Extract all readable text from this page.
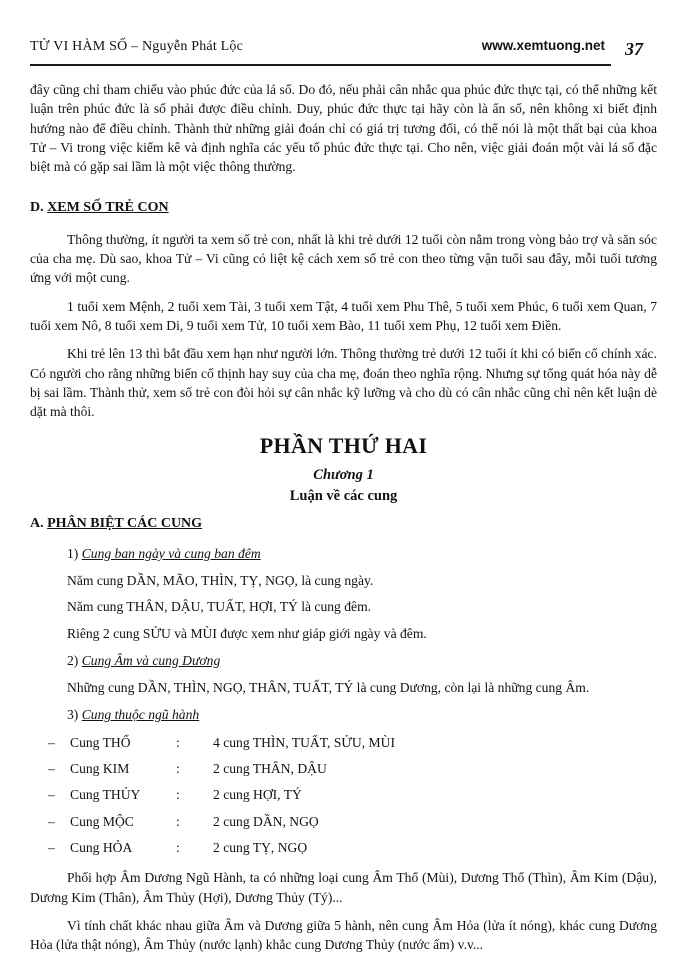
TỬ VI HÀM SỐ – Nguyễn Phát Lộc	www.xemtuong.net	37

đây cũng chỉ tham chiếu vào phúc đức của lá số. Do đó, nếu phải cân nhắc qua phúc đức thực tại, có thể những kết luận trên phúc đức là số phải được điều chỉnh. Duy, phúc đức thực tại hãy còn là ẩn số, nên không xi biết định hướng nào để điều chỉnh. Thành thử những giải đoán chỉ có giá trị tương đối, có thể nói là một thất bại của khoa Tử – Vi trong việc kiểm kê và định nghĩa các yếu tố phúc đức thực tại. Cho nên, việc giải đoán một vài lá số đặc biệt mà có gặp sai lầm là một việc thông thường.

D. XEM SỐ TRẺ CON

Thông thường, ít người ta xem số trẻ con, nhất là khi trẻ dưới 12 tuổi còn nằm trong vòng bảo trợ và săn sóc của cha mẹ. Dù sao, khoa Tử – Vi cũng có liệt kệ cách xem số trẻ con theo từng vận tuổi sau đây, mỗi tuổi tương ứng với một cung.

1 tuổi xem Mệnh, 2 tuổi xem Tài, 3 tuổi xem Tật, 4 tuổi xem Phu Thê, 5 tuổi xem Phúc, 6 tuổi xem Quan, 7 tuổi xem Nô, 8 tuổi xem Di, 9 tuổi xem Tử, 10 tuổi xem Bào, 11 tuổi xem Phụ, 12 tuổi xem Điền.

Khi trẻ lên 13 thì bắt đầu xem hạn như người lớn. Thông thường trẻ dưới 12 tuổi ít khi có biến cố chính xác. Có người cho rằng những biến cố thịnh hay suy của cha mẹ, đoán theo nghĩa rộng. Nhưng sự tổng quát hóa này dễ bị sai lầm. Thành thử, xem số trẻ con đòi hỏi sự cân nhắc kỹ lưỡng và cho dù có cân nhắc cũng chỉ nên kết luận dè dặt mà thôi.

PHẦN THỨ HAI

Chương 1

Luận về các cung

A. PHÂN BIỆT CÁC CUNG

1) Cung ban ngày và cung ban đêm

Năm cung DẦN, MÃO, THÌN, TỴ, NGỌ, là cung ngày.

Năm cung THÂN, DẬU, TUẤT, HỢI, TÝ là cung đêm.

Riêng 2 cung SỬU và MÙI được xem như giáp giới ngày và đêm.

2) Cung Âm và cung Dương

Những cung DẦN, THÌN, NGỌ, THÂN, TUẤT, TÝ là cung Dương, còn lại là những cung Âm.

3) Cung thuộc ngũ hành

–	Cung THỔ	:	4 cung THÌN, TUẤT, SỬU, MÙI
–	Cung KIM	:	2 cung THÂN, DẬU
–	Cung THỦY	:	2 cung HỢI, TÝ
–	Cung MỘC	:	2 cung DẦN, NGỌ
–	Cung HỎA	:	2 cung TỴ, NGỌ

Phối hợp Âm Dương Ngũ Hành, ta có những loại cung Âm Thổ (Mùi), Dương Thổ (Thìn), Âm Kim (Dậu), Dương Kim (Thân), Âm Thủy (Hợi), Dương Thủy (Tý)...

Vì tính chất khác nhau giữa Âm và Dương giữa 5 hành, nên cung Âm Hỏa (lửa ít nóng), khác cung Dương Hỏa (lửa thật nóng), Âm Thủy (nước lạnh) khắc cung Dương Thủy (nước ấm) v.v...
